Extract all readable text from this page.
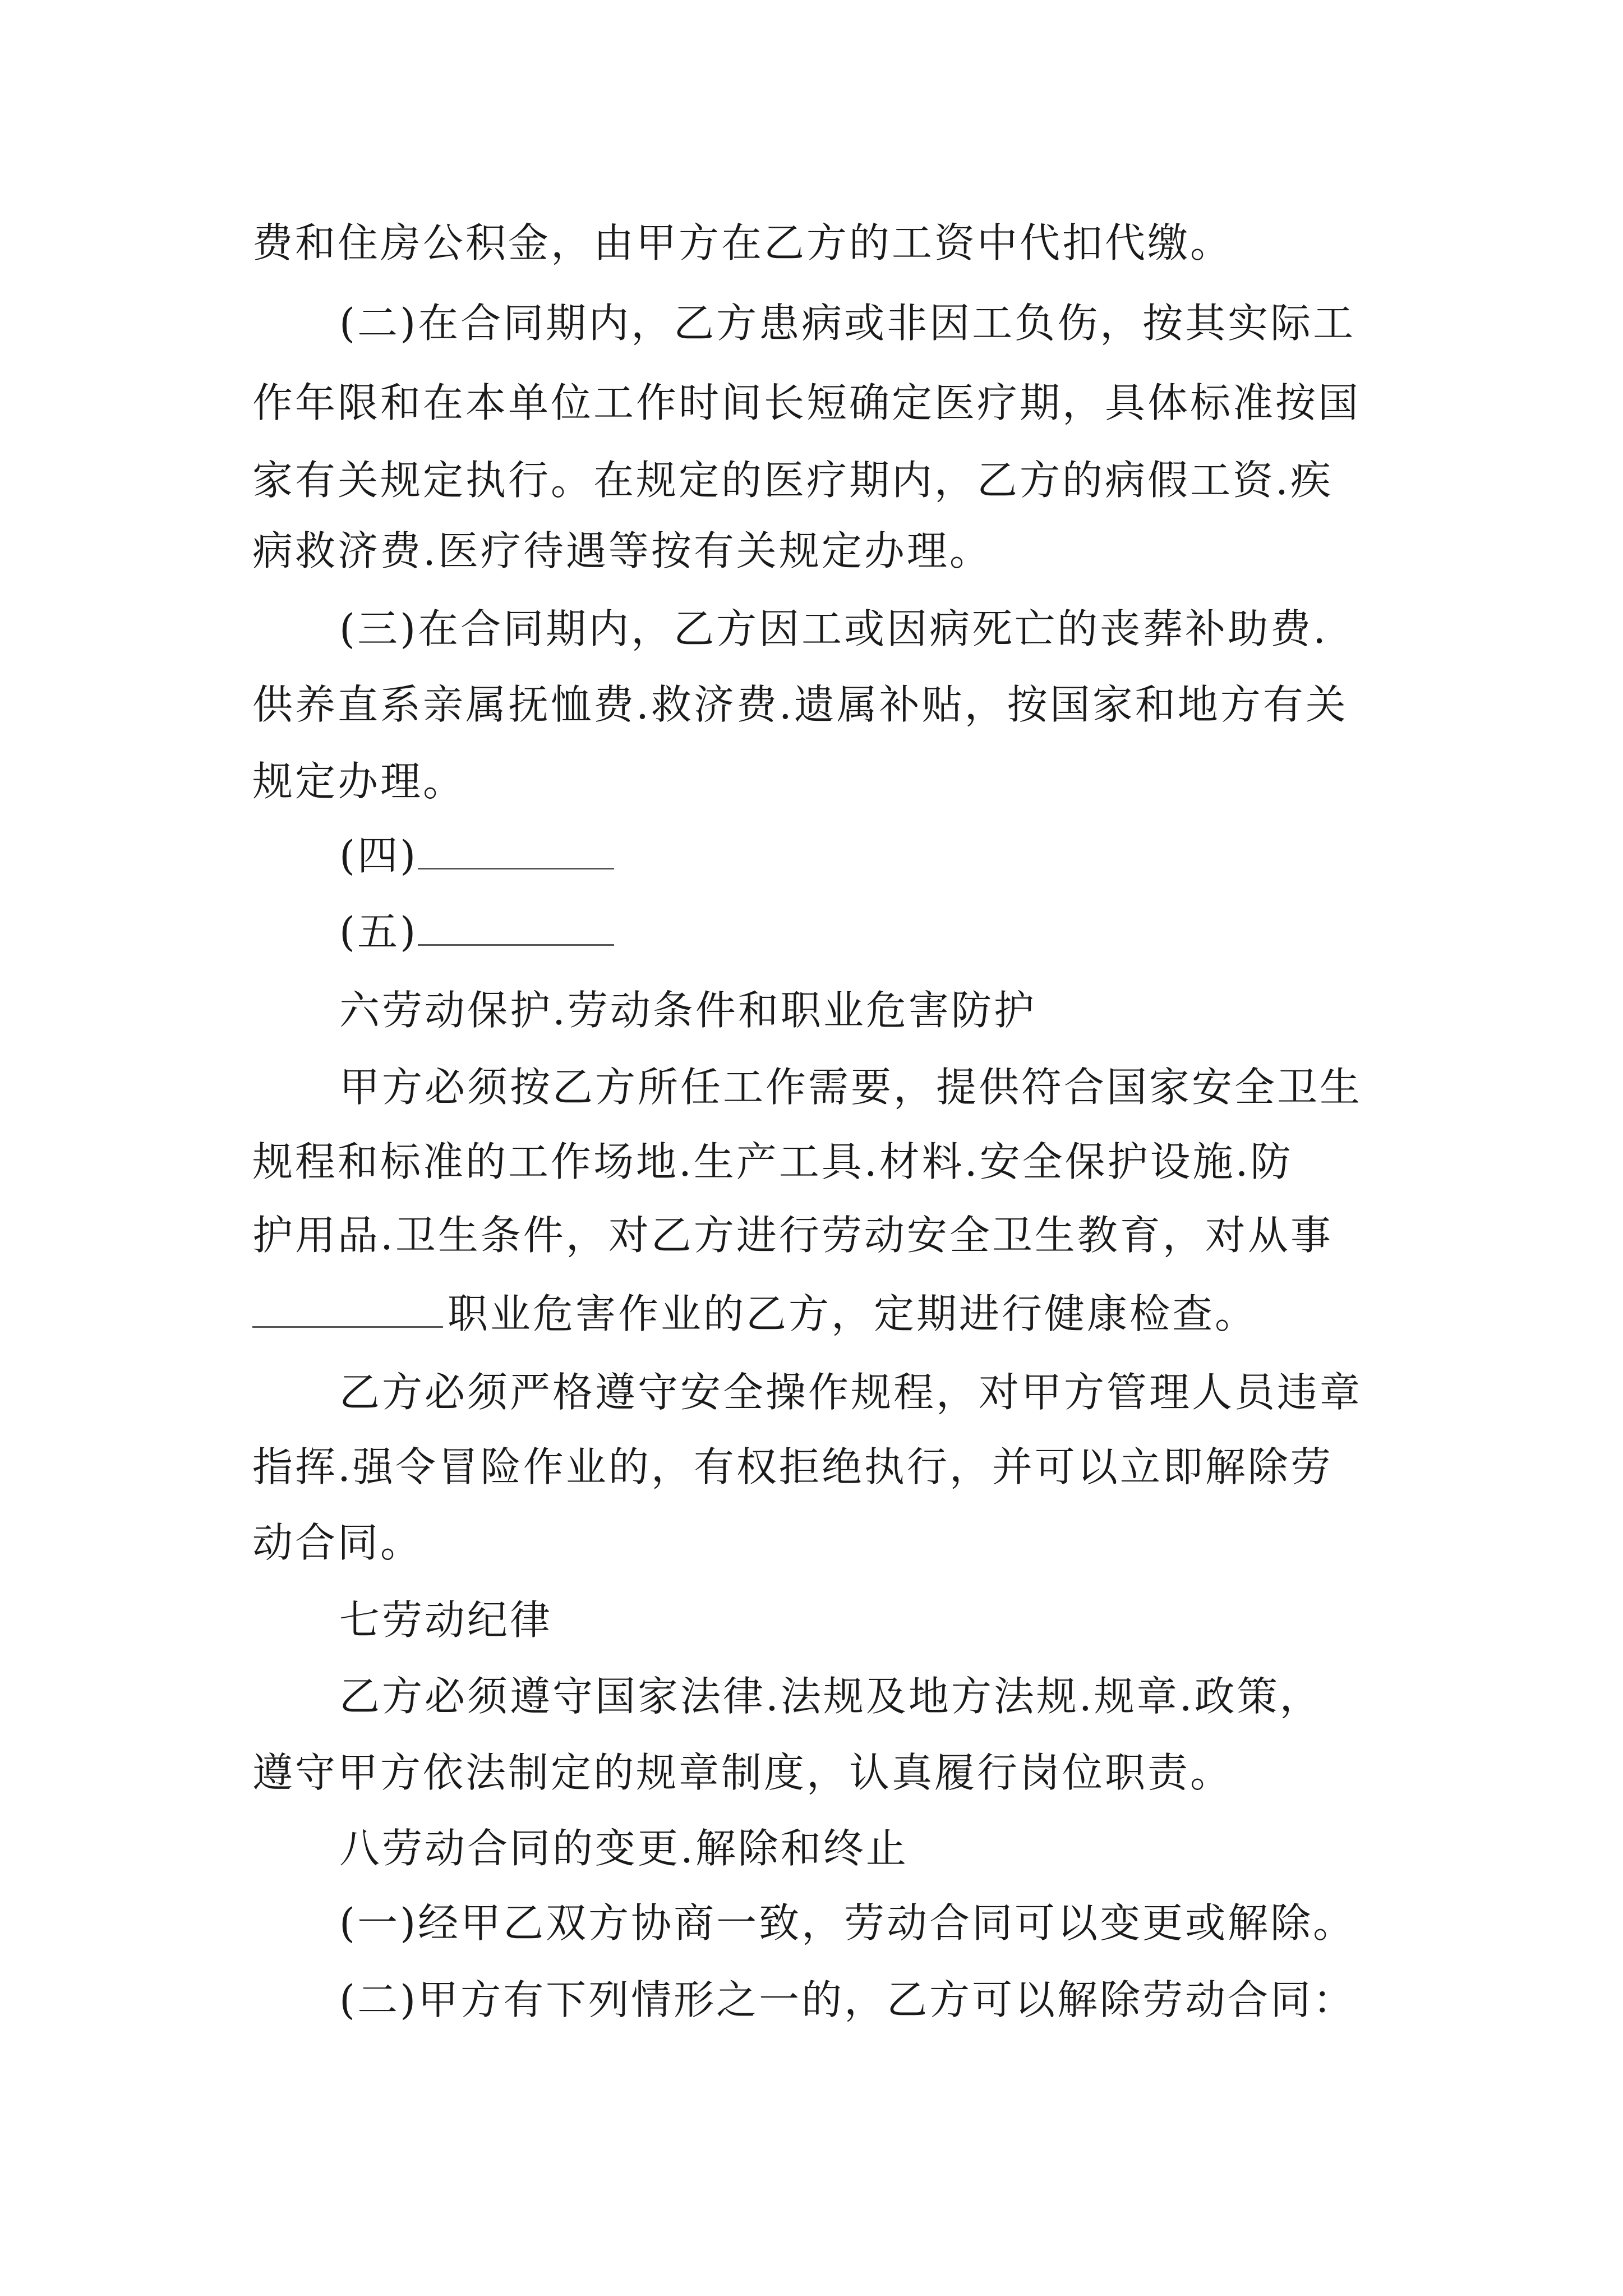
费和住房公积金，由甲方在乙方的工资中代扣代缴。
(二)在合同期内，乙方患病或非因工负伤，按其实际工
作年限和在本单位工作时间长短确定医疗期，具体标准按国
家有关规定执行。在规定的医疗期内，乙方的病假工资.疾
病救济费.医疗待遇等按有关规定办理。
(三)在合同期内，乙方因工或因病死亡的丧葬补助费.
供养直系亲属抚恤费.救济费.遗属补贴，按国家和地方有关
规定办理。
(四)
(五)
六劳动保护.劳动条件和职业危害防护
甲方必须按乙方所任工作需要，提供符合国家安全卫生
规程和标准的工作场地.生产工具.材料.安全保护设施.防
护用品.卫生条件，对乙方进行劳动安全卫生教育，对从事
职业危害作业的乙方，定期进行健康检查。
乙方必须严格遵守安全操作规程，对甲方管理人员违章
指挥.强令冒险作业的，有权拒绝执行，并可以立即解除劳
动合同。
七劳动纪律
乙方必须遵守国家法律.法规及地方法规.规章.政策，
遵守甲方依法制定的规章制度，认真履行岗位职责。
八劳动合同的变更.解除和终止
(一)经甲乙双方协商一致，劳动合同可以变更或解除。
(二)甲方有下列情形之一的，乙方可以解除劳动合同：
